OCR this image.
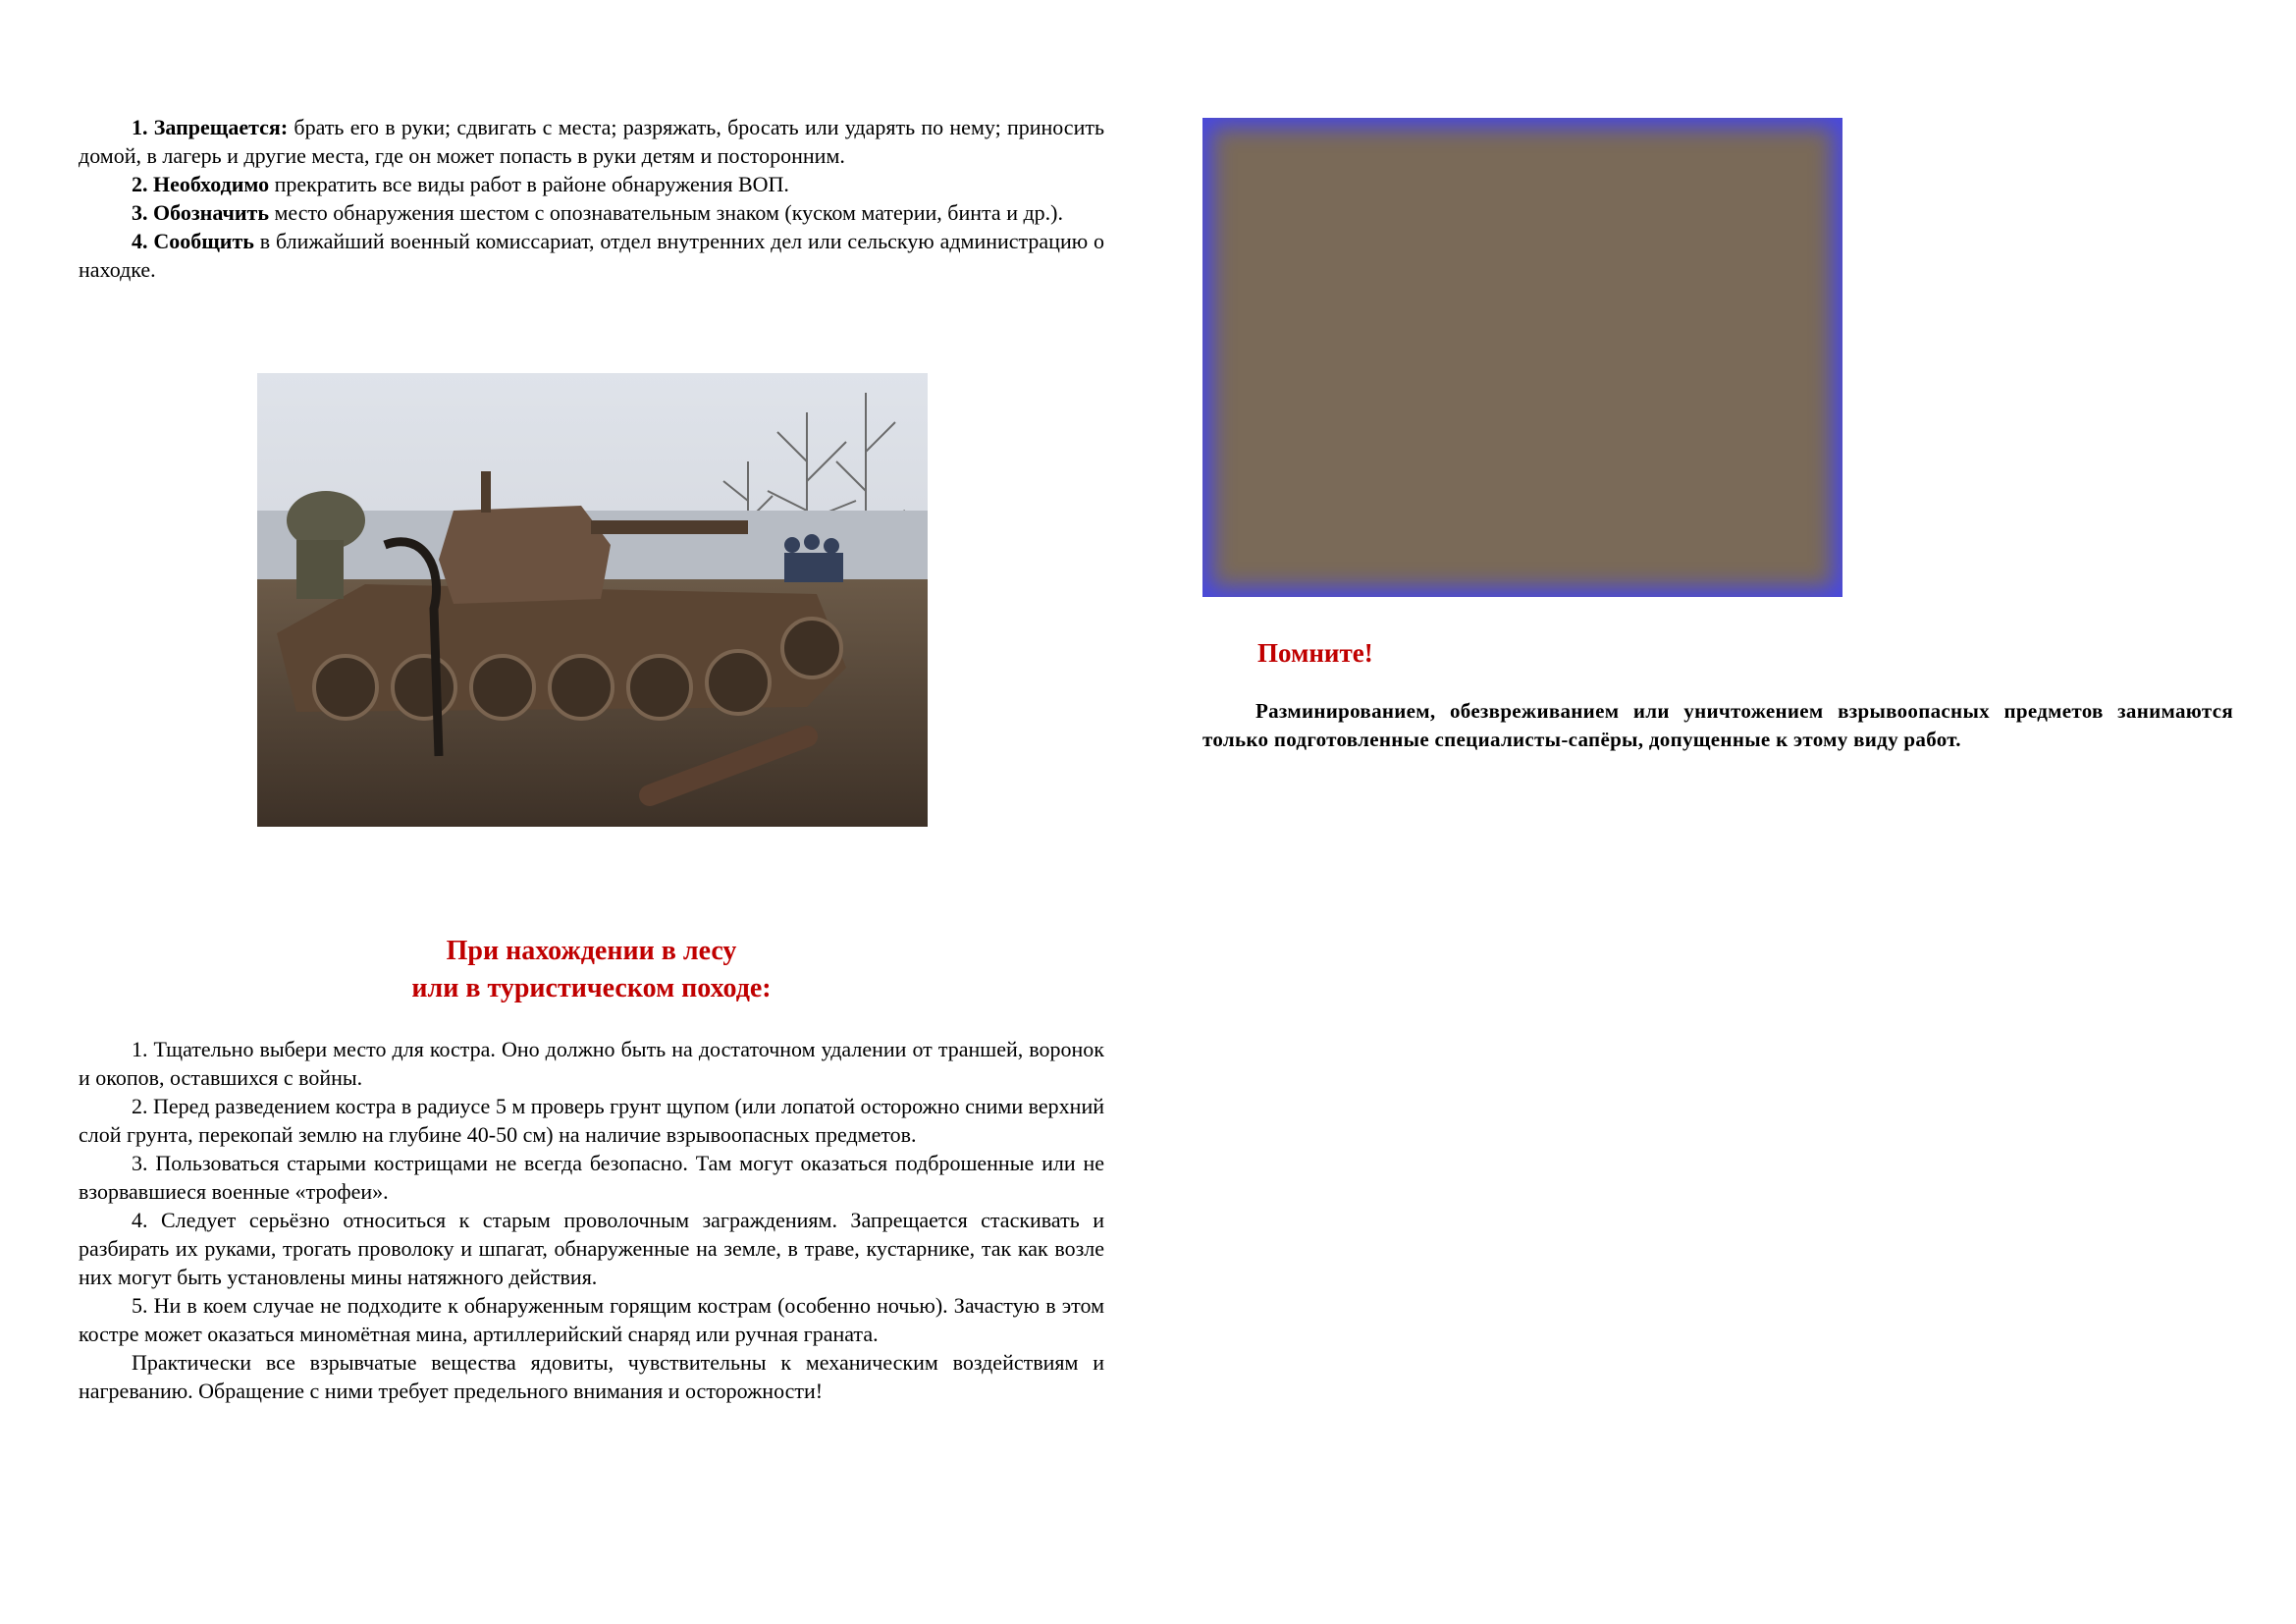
1. Запрещается: брать его в руки; сдвигать с места; разряжать, бросать или ударять по нему; приносить домой, в лагерь и другие места, где он может попасть в руки детям и посторонним.

2. Необходимо прекратить все виды работ в районе обнаружения ВОП.

3. Обозначить место обнаружения шестом с опознавательным знаком (куском материи, бинта и др.).

4. Сообщить в ближайший военный комиссариат, отдел внутренних дел или сельскую администрацию о находке.

При нахождении в лесу
или в туристическом походе:

1. Тщательно выбери место для костра. Оно должно быть на достаточном удалении от траншей, воронок и окопов, оставшихся с войны.

2. Перед разведением костра в радиусе 5 м проверь грунт щупом (или лопатой осторожно сними верхний слой грунта, перекопай землю на глубине 40-50 см) на наличие взрывоопасных предметов.

3. Пользоваться старыми кострищами не всегда безопасно. Там могут оказаться подброшенные или не взорвавшиеся военные «трофеи».

4. Следует серьёзно относиться к старым проволочным заграждениям. Запрещается стаскивать и разбирать их руками, трогать проволоку и шпагат, обнаруженные на земле, в траве, кустарнике, так как возле них могут быть установлены мины натяжного действия.

5. Ни в коем случае не подходите к обнаруженным горящим кострам (особенно ночью). Зачастую в этом костре может оказаться миномётная мина, артиллерийский снаряд или ручная граната.

Практически все взрывчатые вещества ядовиты, чувствительны к механическим воздействиям и нагреванию. Обращение с ними требует предельного внимания и осторожности!

Помните!

Разминированием, обезвреживанием или уничтожением взрывоопасных предметов занимаются только подготовленные специалисты-сапёры, допущенные к этому виду работ.
